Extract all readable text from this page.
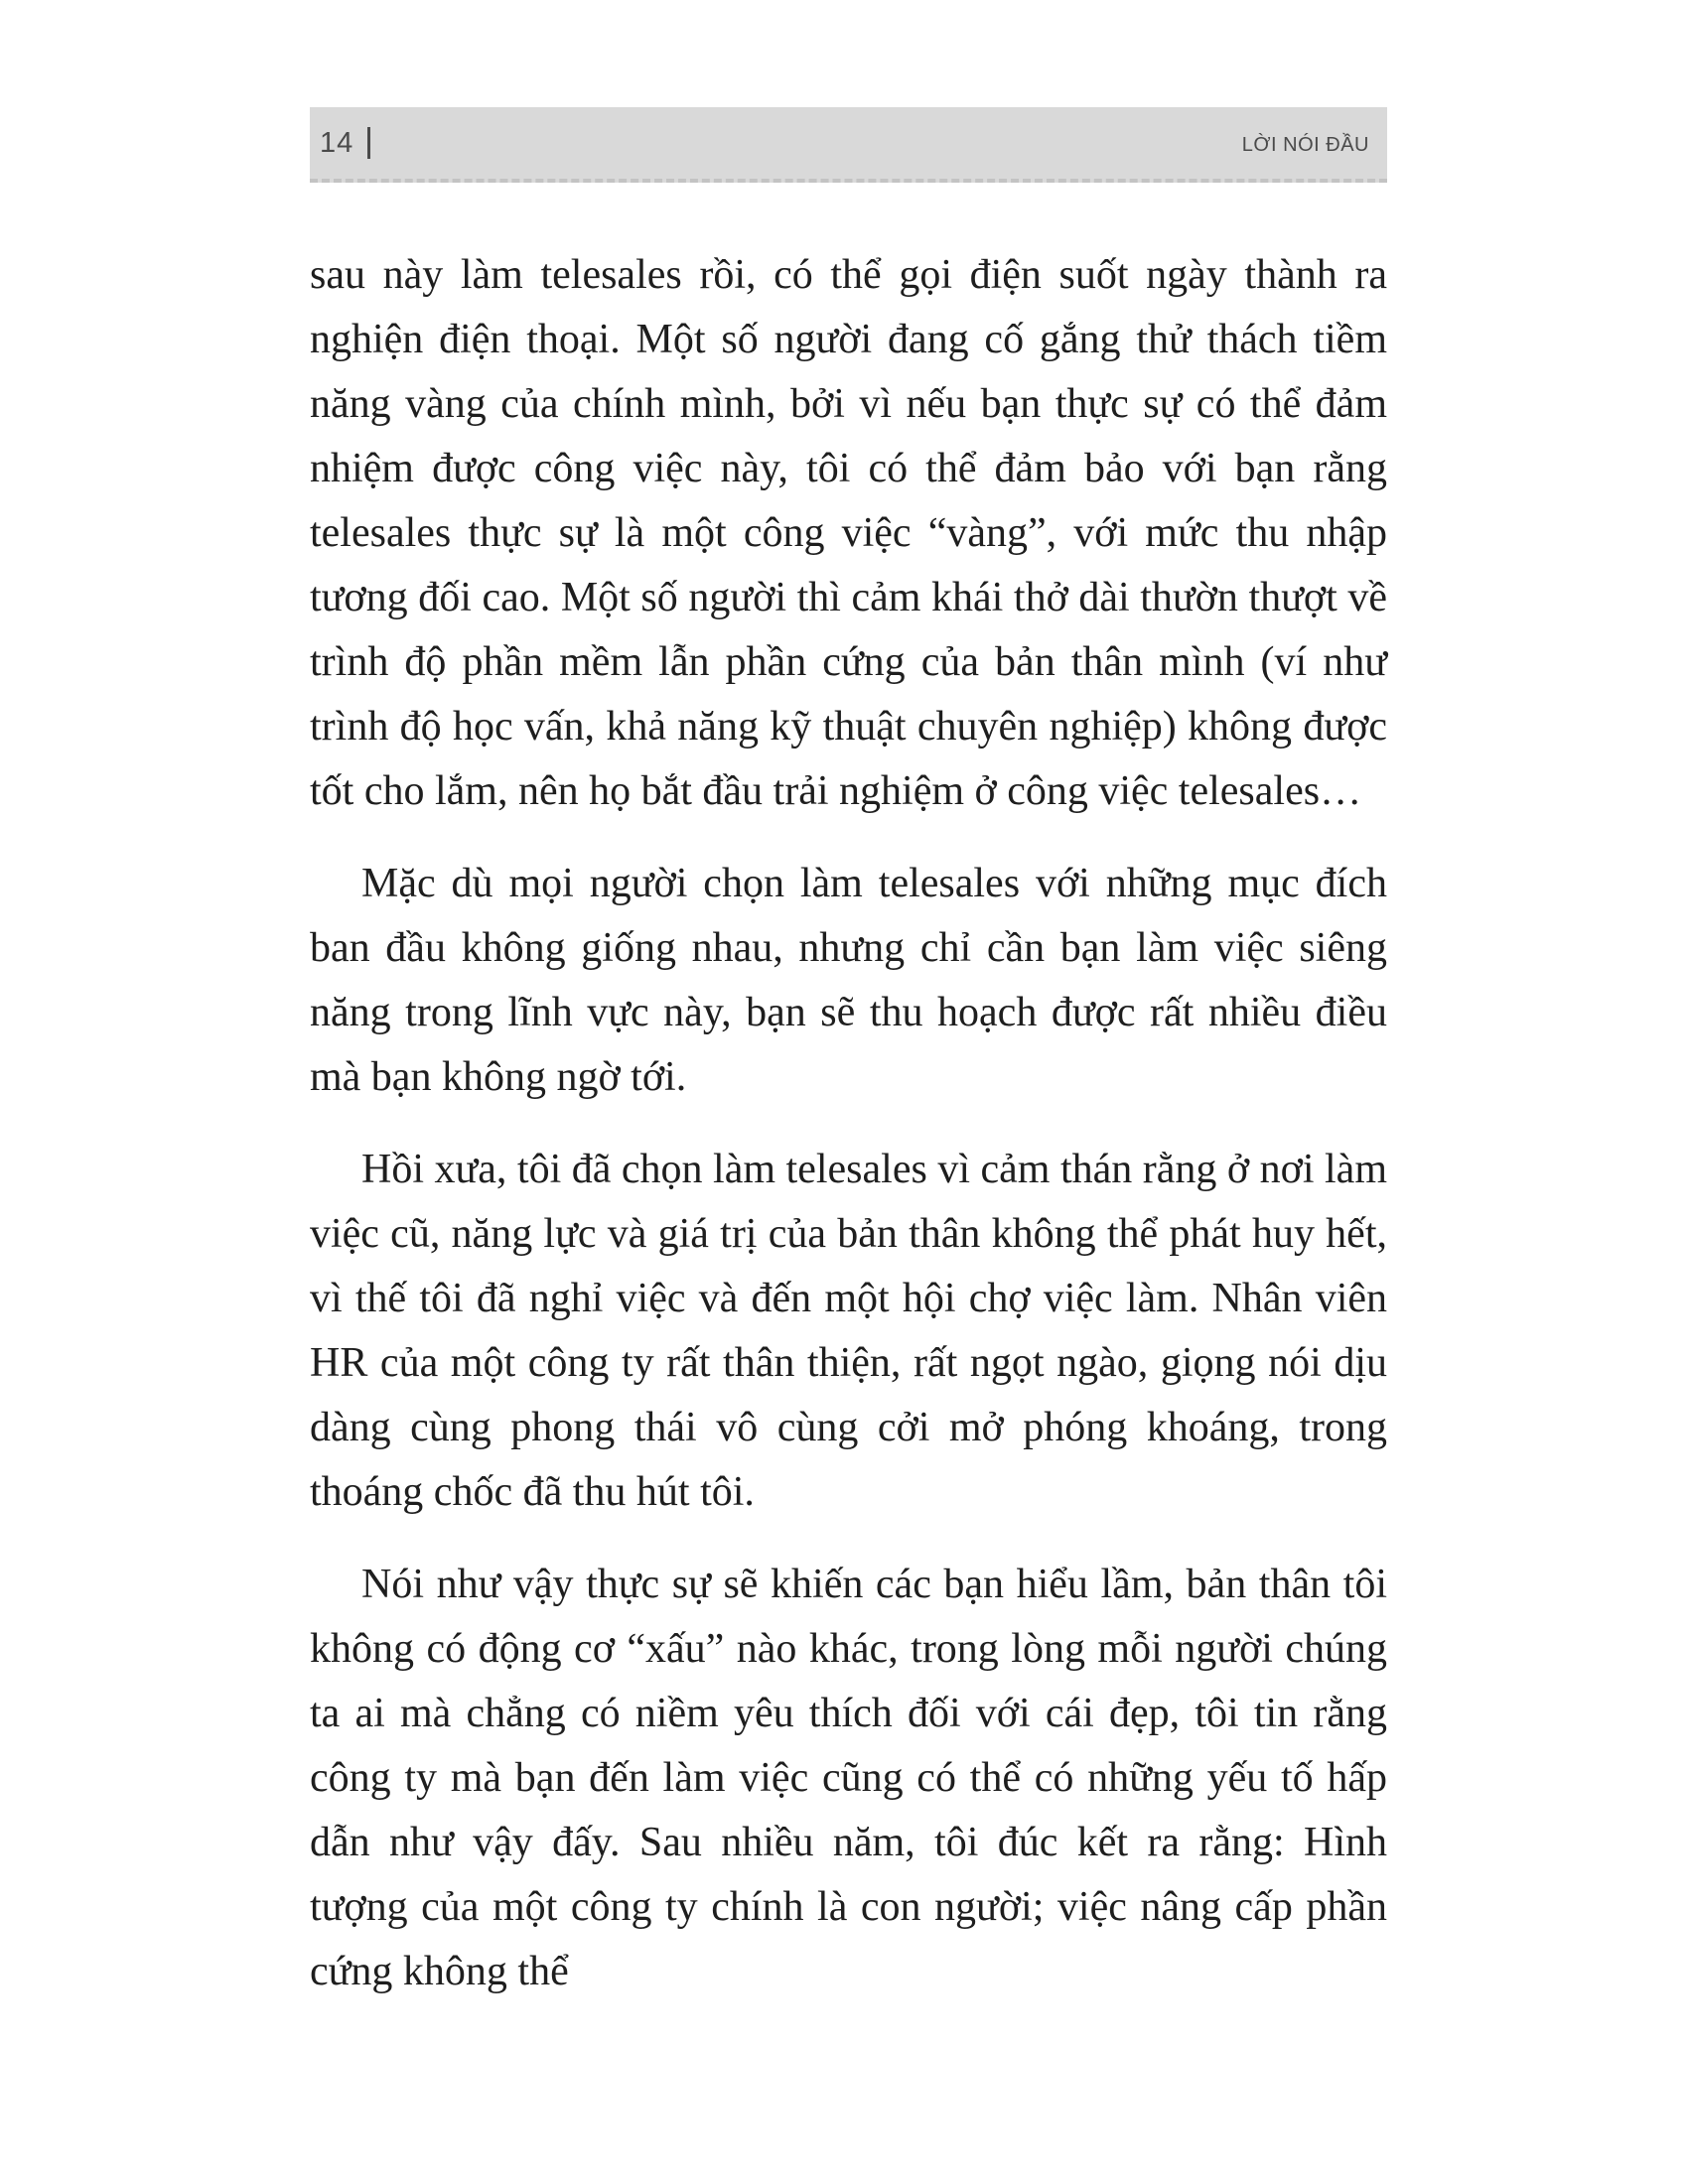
14	LỜI NÓI ĐẦU

sau này làm telesales rồi, có thể gọi điện suốt ngày thành ra nghiện điện thoại. Một số người đang cố gắng thử thách tiềm năng vàng của chính mình, bởi vì nếu bạn thực sự có thể đảm nhiệm được công việc này, tôi có thể đảm bảo với bạn rằng telesales thực sự là một công việc “vàng”, với mức thu nhập tương đối cao. Một số người thì cảm khái thở dài thườn thượt về trình độ phần mềm lẫn phần cứng của bản thân mình (ví như trình độ học vấn, khả năng kỹ thuật chuyên nghiệp) không được tốt cho lắm, nên họ bắt đầu trải nghiệm ở công việc telesales…

Mặc dù mọi người chọn làm telesales với những mục đích ban đầu không giống nhau, nhưng chỉ cần bạn làm việc siêng năng trong lĩnh vực này, bạn sẽ thu hoạch được rất nhiều điều mà bạn không ngờ tới.

Hồi xưa, tôi đã chọn làm telesales vì cảm thán rằng ở nơi làm việc cũ, năng lực và giá trị của bản thân không thể phát huy hết, vì thế tôi đã nghỉ việc và đến một hội chợ việc làm. Nhân viên HR của một công ty rất thân thiện, rất ngọt ngào, giọng nói dịu dàng cùng phong thái vô cùng cởi mở phóng khoáng, trong thoáng chốc đã thu hút tôi.

Nói như vậy thực sự sẽ khiến các bạn hiểu lầm, bản thân tôi không có động cơ “xấu” nào khác, trong lòng mỗi người chúng ta ai mà chẳng có niềm yêu thích đối với cái đẹp, tôi tin rằng công ty mà bạn đến làm việc cũng có thể có những yếu tố hấp dẫn như vậy đấy. Sau nhiều năm, tôi đúc kết ra rằng: Hình tượng của một công ty chính là con người; việc nâng cấp phần cứng không thể
